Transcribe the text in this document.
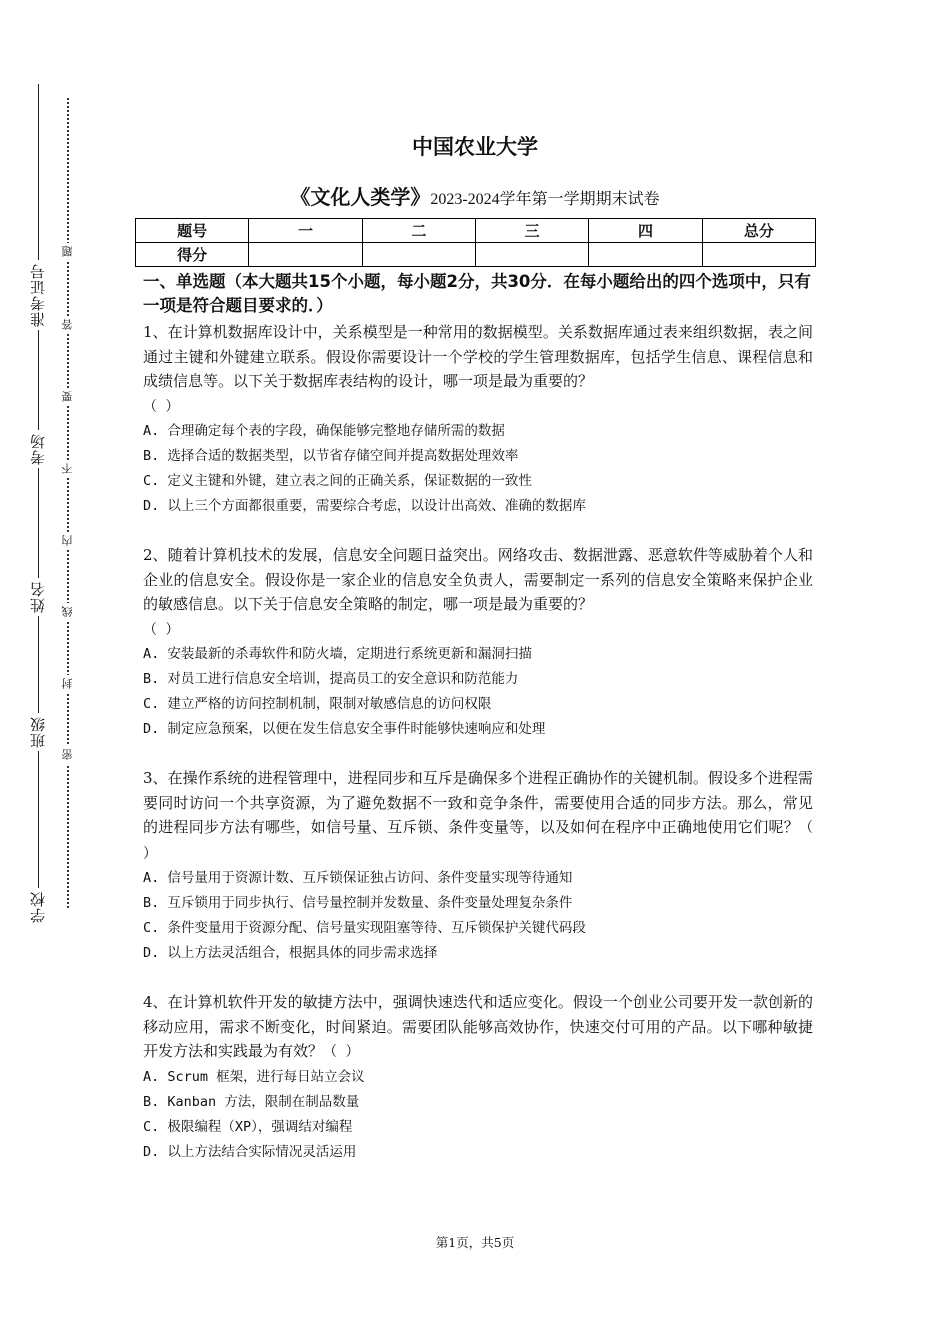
准考证号
考场
姓名
班级
学校
题
答
要
不
内
线
封
密
中国农业大学
《文化人类学》2023-2024学年第一学期期末试卷
题号	一	二	三	四	总分
得分					
一、单选题（本大题共15个小题，每小题2分，共30分．在每小题给出的四个选项中，只有一项是符合题目要求的．）

1、在计算机数据库设计中，关系模型是一种常用的数据模型。关系数据库通过表来组织数据，表之间通过主键和外键建立联系。假设你需要设计一个学校的学生管理数据库，包括学生信息、课程信息和成绩信息等。以下关于数据库表结构的设计，哪一项是最为重要的？
（ ）

A. 合理确定每个表的字段，确保能够完整地存储所需的数据

B. 选择合适的数据类型，以节省存储空间并提高数据处理效率

C. 定义主键和外键，建立表之间的正确关系，保证数据的一致性

D. 以上三个方面都很重要，需要综合考虑，以设计出高效、准确的数据库

2、随着计算机技术的发展，信息安全问题日益突出。网络攻击、数据泄露、恶意软件等威胁着个人和企业的信息安全。假设你是一家企业的信息安全负责人，需要制定一系列的信息安全策略来保护企业的敏感信息。以下关于信息安全策略的制定，哪一项是最为重要的？
（ ）

A. 安装最新的杀毒软件和防火墙，定期进行系统更新和漏洞扫描

B. 对员工进行信息安全培训，提高员工的安全意识和防范能力

C. 建立严格的访问控制机制，限制对敏感信息的访问权限

D. 制定应急预案，以便在发生信息安全事件时能够快速响应和处理

3、在操作系统的进程管理中，进程同步和互斥是确保多个进程正确协作的关键机制。假设多个进程需要同时访问一个共享资源，为了避免数据不一致和竞争条件，需要使用合适的同步方法。那么，常见的进程同步方法有哪些，如信号量、互斥锁、条件变量等，以及如何在程序中正确地使用它们呢？（ ）

A. 信号量用于资源计数、互斥锁保证独占访问、条件变量实现等待通知

B. 互斥锁用于同步执行、信号量控制并发数量、条件变量处理复杂条件

C. 条件变量用于资源分配、信号量实现阻塞等待、互斥锁保护关键代码段

D. 以上方法灵活组合，根据具体的同步需求选择

4、在计算机软件开发的敏捷方法中，强调快速迭代和适应变化。假设一个创业公司要开发一款创新的移动应用，需求不断变化，时间紧迫。需要团队能够高效协作，快速交付可用的产品。以下哪种敏捷开发方法和实践最为有效？（ ）

A. Scrum 框架，进行每日站立会议

B. Kanban 方法，限制在制品数量

C. 极限编程（XP），强调结对编程

D. 以上方法结合实际情况灵活运用

第1页，共5页
